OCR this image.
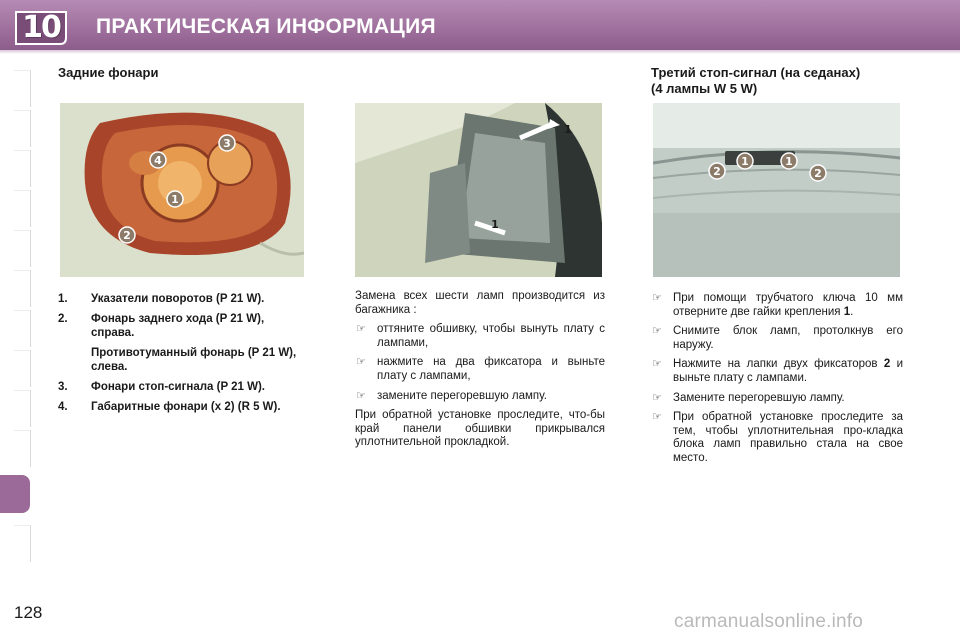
10	ПРАКТИЧЕСКАЯ ИНФОРМАЦИЯ
Задние фонари
4
3
1
2
1. Указатели поворотов (P 21 W).
2. Фонарь заднего хода (P 21 W), справа.
Противотуманный фонарь (P 21 W), слева.
3. Фонари стоп-сигнала (P 21 W).
4. Габаритные фонари (x 2) (R 5 W).
1
1

Замена всех шести ламп производится из багажника :

☞ оттяните обшивку, чтобы вынуть плату с лампами,
☞ нажмите на два фиксатора и выньте плату с лампами,
☞ замените перегоревшую лампу.

При обратной установке проследите, что-бы край панели обшивки прикрывался уплотнительной прокладкой.

Третий стоп-сигнал (на седанах)
(4 лампы W 5 W)
2
1	1
2
☞ При помощи трубчатого ключа 10 мм отверните две гайки крепления 1.
☞ Снимите блок ламп, протолкнув его наружу.
☞ Нажмите на лапки двух фиксаторов 2 и выньте плату с лампами.
☞ Замените перегоревшую лампу.
☞ При обратной установке проследите за тем, чтобы уплотнительная про-кладка блока ламп правильно стала на свое место.
128	carmanualsonline.info
